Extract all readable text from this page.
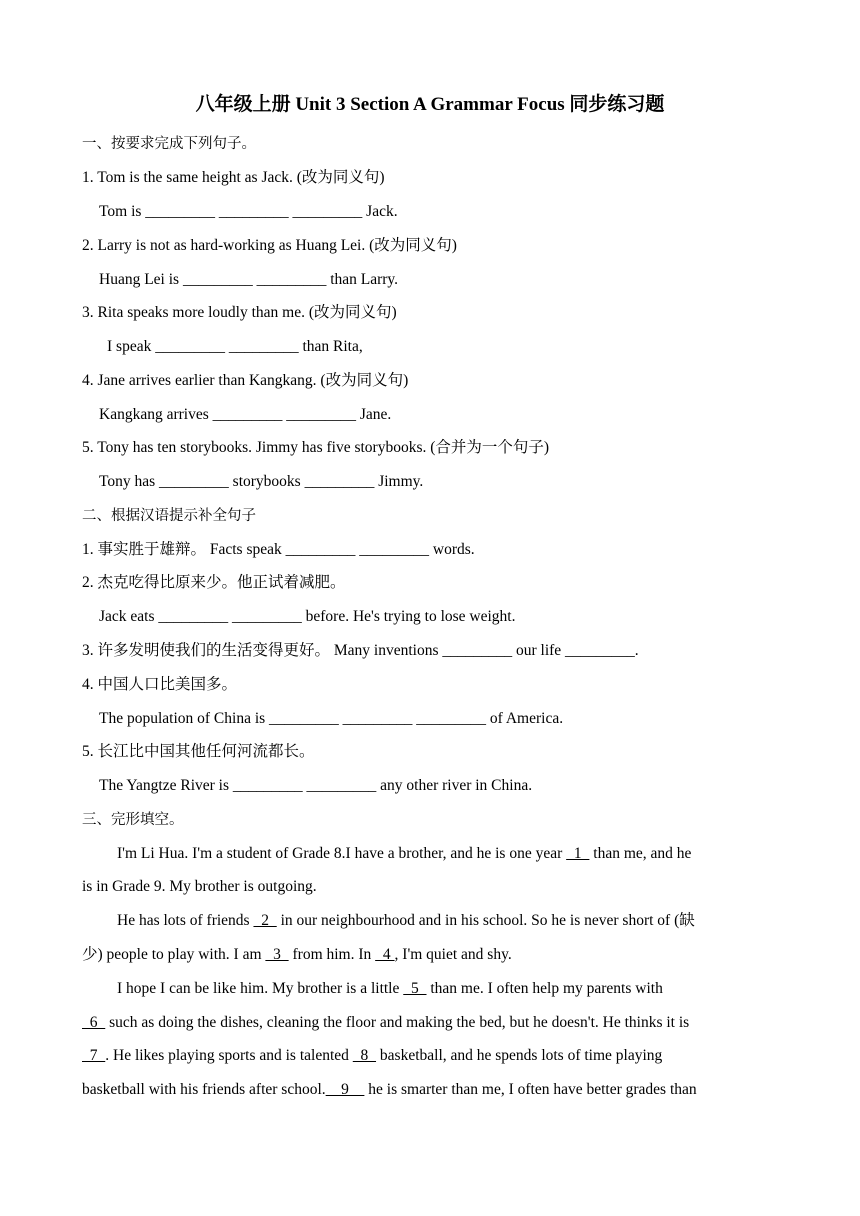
八年级上册 Unit 3 Section A Grammar Focus 同步练习题
一、按要求完成下列句子。
1. Tom is the same height as Jack. (改为同义句)
Tom is _________ _________ _________ Jack.
2. Larry is not as hard-working as Huang Lei. (改为同义句)
Huang Lei is _________ _________ than Larry.
3. Rita speaks more loudly than me. (改为同义句)
I speak _________ _________ than Rita,
4. Jane arrives earlier than Kangkang. (改为同义句)
Kangkang arrives _________ _________ Jane.
5. Tony has ten storybooks. Jimmy has five storybooks. (合并为一个句子)
Tony has _________ storybooks _________ Jimmy.
二、根据汉语提示补全句子
1. 事实胜于雄辩。 Facts speak _________ _________ words.
2. 杰克吃得比原来少。他正试着减肥。
Jack eats _________ _________ before. He's trying to lose weight.
3. 许多发明使我们的生活变得更好。 Many inventions _________ our life _________.
4. 中国人口比美国多。
The population of China is _________ _________ _________ of America.
5. 长江比中国其他任何河流都长。
The Yangtze River is _________ _________ any other river in China.
三、完形填空。
I'm Li Hua. I'm a student of Grade 8.I have a brother, and he is one year   1   than me, and he
is in Grade 9. My brother is outgoing.
He has lots of friends   2   in our neighbourhood and in his school. So he is never short of (缺
少) people to play with. I am   3   from him. In   4 , I'm quiet and shy.
I hope I can be like him. My brother is a little   5   than me. I often help my parents with
6   such as doing the dishes, cleaning the floor and making the bed, but he doesn't. He thinks it is
7  . He likes playing sports and is talented   8   basketball, and he spends lots of time playing
basketball with his friends after school.    9     he is smarter than me, I often have better grades than
